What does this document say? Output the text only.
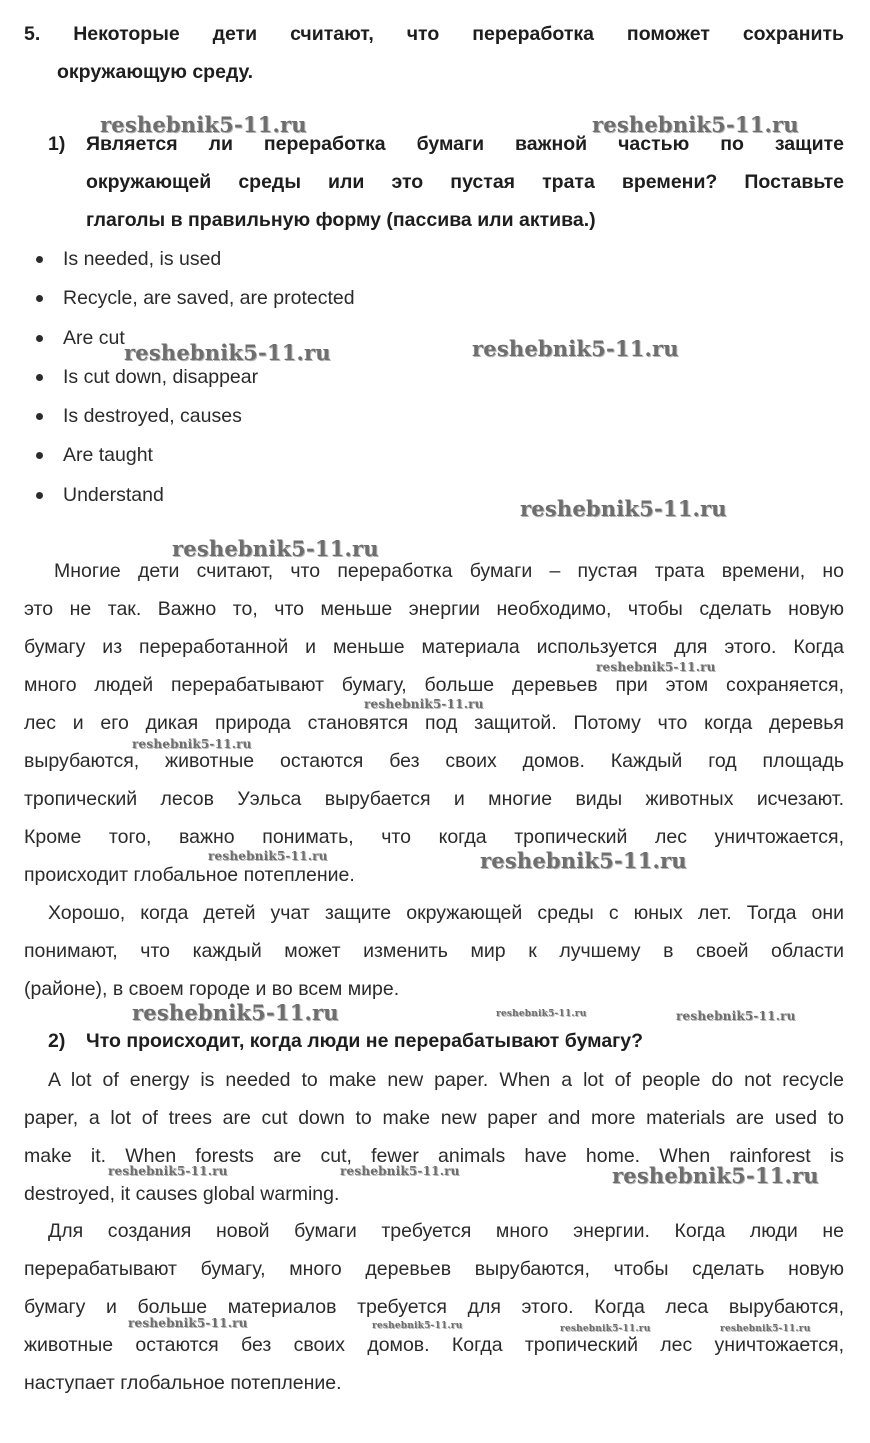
5. Некоторые дети считают, что переработка поможет сохранить
окружающую среду.
1) Является ли переработка бумаги важной частью по защите
окружающей среды или это пустая трата времени? Поставьте
глаголы в правильную форму (пассива или актива.)
Is needed, is used
Recycle, are saved, are protected
Are cut
Is cut down, disappear
Is destroyed, causes
Are taught
Understand
Многие дети считают, что переработка бумаги – пустая трата времени, но
это не так. Важно то, что меньше энергии необходимо, чтобы сделать новую
бумагу из переработанной и меньше материала используется для этого. Когда
много людей перерабатывают бумагу, больше деревьев при этом сохраняется,
лес и его дикая природа становятся под защитой. Потому что когда деревья
вырубаются, животные остаются без своих домов. Каждый год площадь
тропический лесов Уэльса вырубается и многие виды животных исчезают.
Кроме того, важно понимать, что когда тропический лес уничтожается,
происходит глобальное потепление.
Хорошо, когда детей учат защите окружающей среды с юных лет. Тогда они
понимают, что каждый может изменить мир к лучшему в своей области
(районе), в своем городе и во всем мире.
2) Что происходит, когда люди не перерабатывают бумагу?
A lot of energy is needed to make new paper. When a lot of people do not recycle
paper, a lot of trees are cut down to make new paper and more materials are used to
make it. When forests are cut, fewer animals have home. When rainforest is
destroyed, it causes global warming.
Для создания новой бумаги требуется много энергии. Когда люди не
перерабатывают бумагу, много деревьев вырубаются, чтобы сделать новую
бумагу и больше материалов требуется для этого. Когда леса вырубаются,
животные остаются без своих домов. Когда тропический лес уничтожается,
наступает глобальное потепление.
reshebnik5-11.ru	reshebnik5-11.ru
reshebnik5-11.ru	reshebnik5-11.ru
reshebnik5-11.ru
reshebnik5-11.ru
reshebnik5-11.ru
reshebnik5-11.ru
reshebnik5-11.ru
reshebnik5-11.ru	reshebnik5-11.ru
reshebnik5-11.ru	reshebnik5-11.ru	reshebnik5-11.ru
reshebnik5-11.ru	reshebnik5-11.ru	reshebnik5-11.ru
reshebnik5-11.ru	reshebnik5-11.ru	reshebnik5-11.ru	reshebnik5-11.ru
